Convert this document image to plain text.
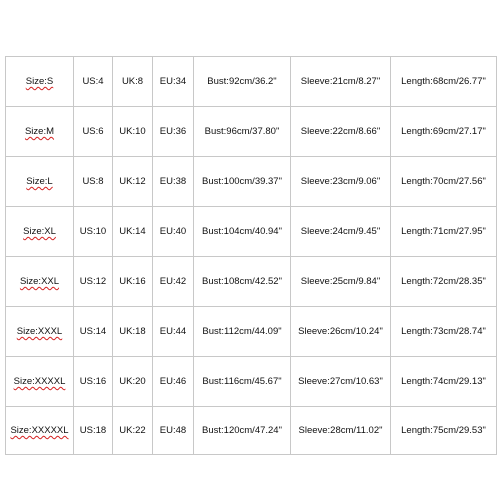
Size:S	US:4	UK:8	EU:34	Bust:92cm/36.2"	Sleeve:21cm/8.27"	Length:68cm/26.77"
Size:M	US:6	UK:10	EU:36	Bust:96cm/37.80"	Sleeve:22cm/8.66"	Length:69cm/27.17"
Size:L	US:8	UK:12	EU:38	Bust:100cm/39.37"	Sleeve:23cm/9.06"	Length:70cm/27.56"
Size:XL	US:10	UK:14	EU:40	Bust:104cm/40.94"	Sleeve:24cm/9.45"	Length:71cm/27.95"
Size:XXL	US:12	UK:16	EU:42	Bust:108cm/42.52"	Sleeve:25cm/9.84"	Length:72cm/28.35"
Size:XXXL	US:14	UK:18	EU:44	Bust:112cm/44.09"	Sleeve:26cm/10.24"	Length:73cm/28.74"
Size:XXXXL	US:16	UK:20	EU:46	Bust:116cm/45.67"	Sleeve:27cm/10.63"	Length:74cm/29.13"
Size:XXXXXL	US:18	UK:22	EU:48	Bust:120cm/47.24"	Sleeve:28cm/11.02"	Length:75cm/29.53"
